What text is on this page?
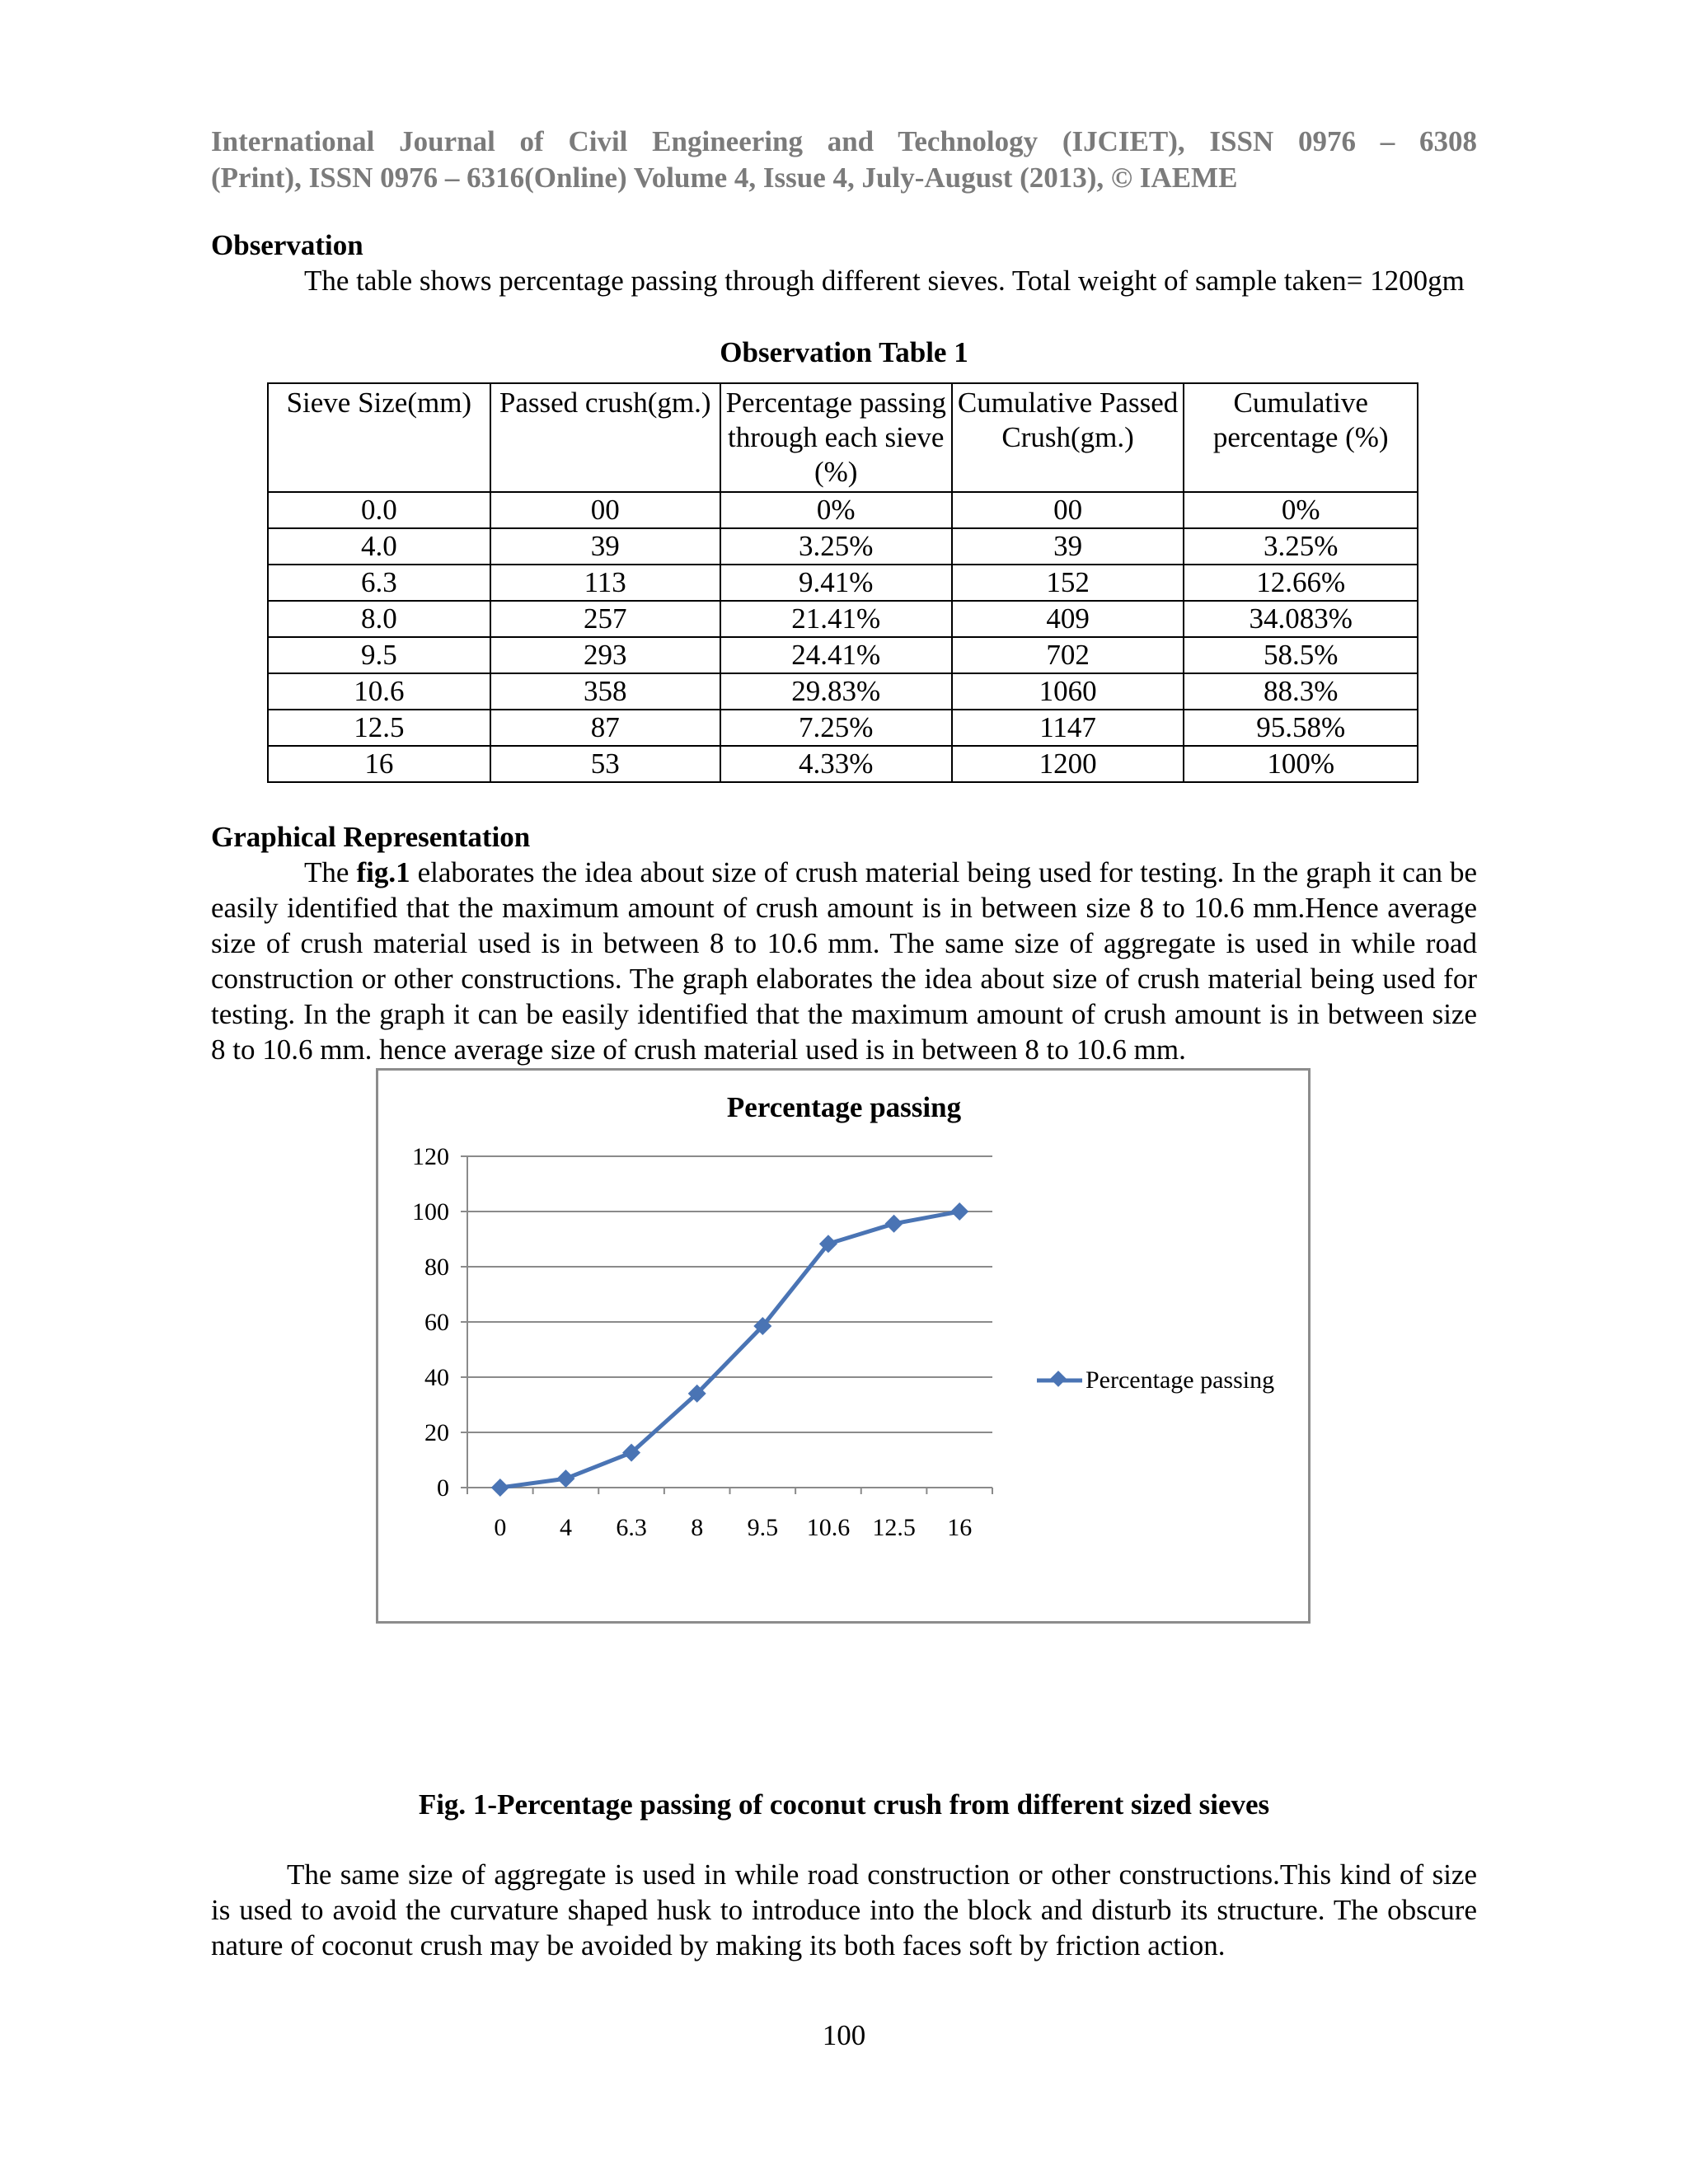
International Journal of Civil Engineering and Technology (IJCIET), ISSN 0976 – 6308
(Print), ISSN 0976 – 6316(Online) Volume 4, Issue 4, July-August (2013), © IAEME
Observation

The table shows percentage passing through different sieves. Total weight of sample taken= 1200gm

Observation Table 1
Sieve Size(mm)	Passed crush(gm.)	Percentage passing through each sieve (%)	Cumulative Passed Crush(gm.)	Cumulative percentage (%)
0.0	00	0%	00	0%
4.0	39	3.25%	39	3.25%
6.3	113	9.41%	152	12.66%
8.0	257	21.41%	409	34.083%
9.5	293	24.41%	702	58.5%
10.6	358	29.83%	1060	88.3%
12.5	87	7.25%	1147	95.58%
16	53	4.33%	1200	100%
Graphical Representation

The fig.1 elaborates the idea about size of crush material being used for testing. In the graph it can be easily identified that the maximum amount of crush amount is in between size 8 to 10.6 mm.Hence average size of crush material used is in between 8 to 10.6 mm. The same size of aggregate is used in while road construction or other constructions. The graph elaborates the idea about size of crush material being used for testing. In the graph it can be easily identified that the maximum amount of crush amount is in between size 8 to 10.6 mm. hence average size of crush material used is in between 8 to 10.6 mm.

Percentage passing
0
20
40
60
80
100
120
0 4 6.3 8 9.5 10.6 12.5 16
Percentage passing

Fig. 1-Percentage passing of coconut crush from different sized sieves

The same size of aggregate is used in while road construction or other constructions.This kind of size is used to avoid the curvature shaped husk to introduce into the block and disturb its structure. The obscure nature of coconut crush may be avoided by making its both faces soft by friction action.

100
